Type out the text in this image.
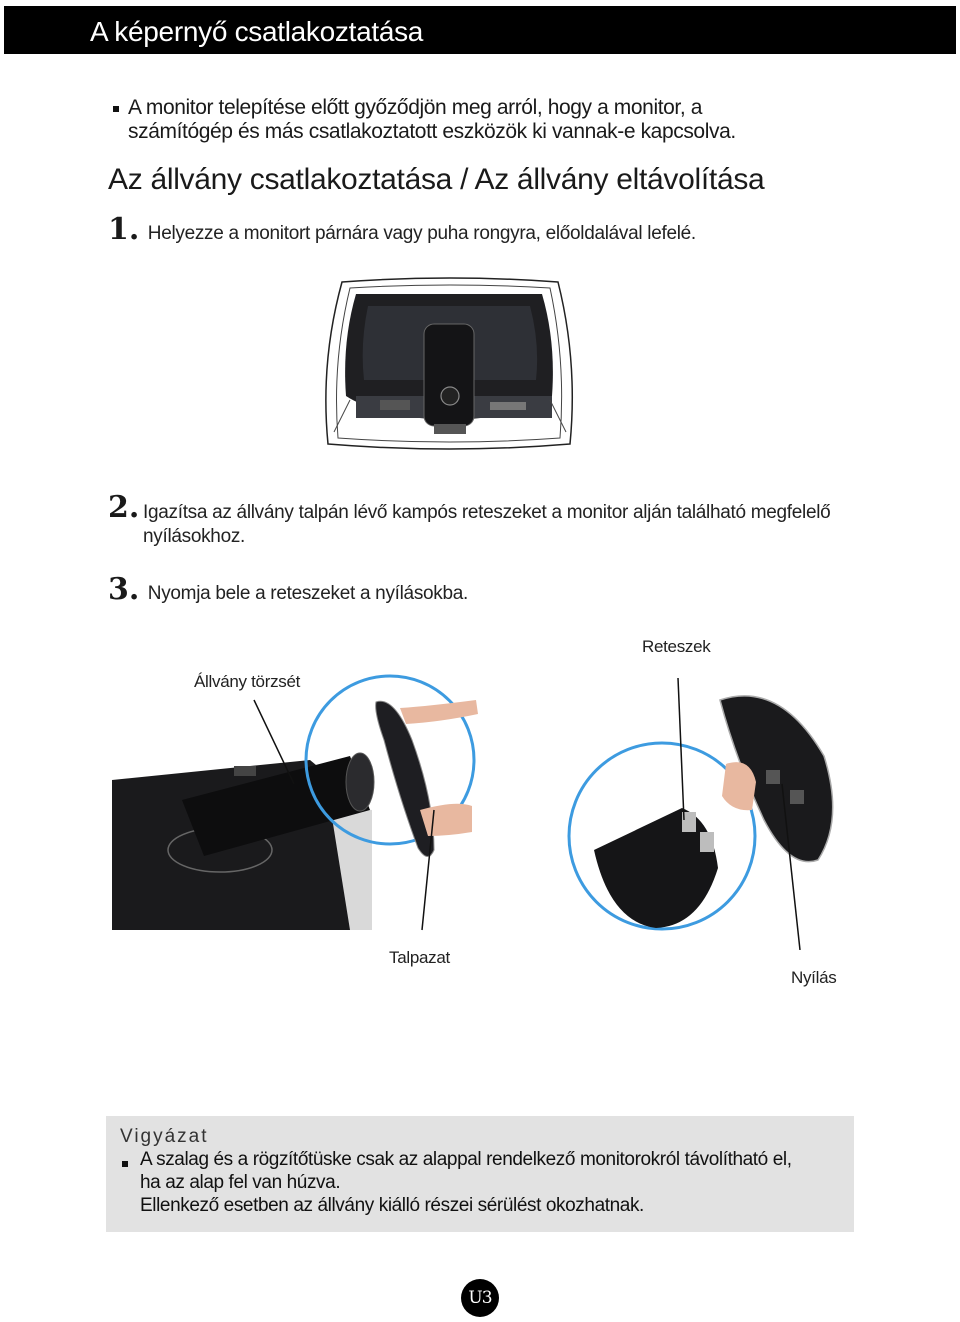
A képernyő csatlakoztatása
A monitor telepítése előtt győződjön meg arról, hogy a monitor, a
számítógép és más csatlakoztatott eszközök ki vannak-e kapcsolva.
Az állvány csatlakoztatása / Az állvány eltávolítása
1. Helyezze a monitort párnára vagy puha rongyra, előoldalával lefelé.
2. Igazítsa az állvány talpán lévő kampós reteszeket a monitor alján található megfelelő
nyílásokhoz.
3. Nyomja bele a reteszeket a nyílásokba.
Állvány törzsét
Reteszek
Talpazat
Nyílás
Vigyázat
A szalag és a rögzítőtüske csak az alappal rendelkező monitorokról távolítható el,
ha az alap fel van húzva.
Ellenkező esetben az állvány kiálló részei sérülést okozhatnak.
U3
